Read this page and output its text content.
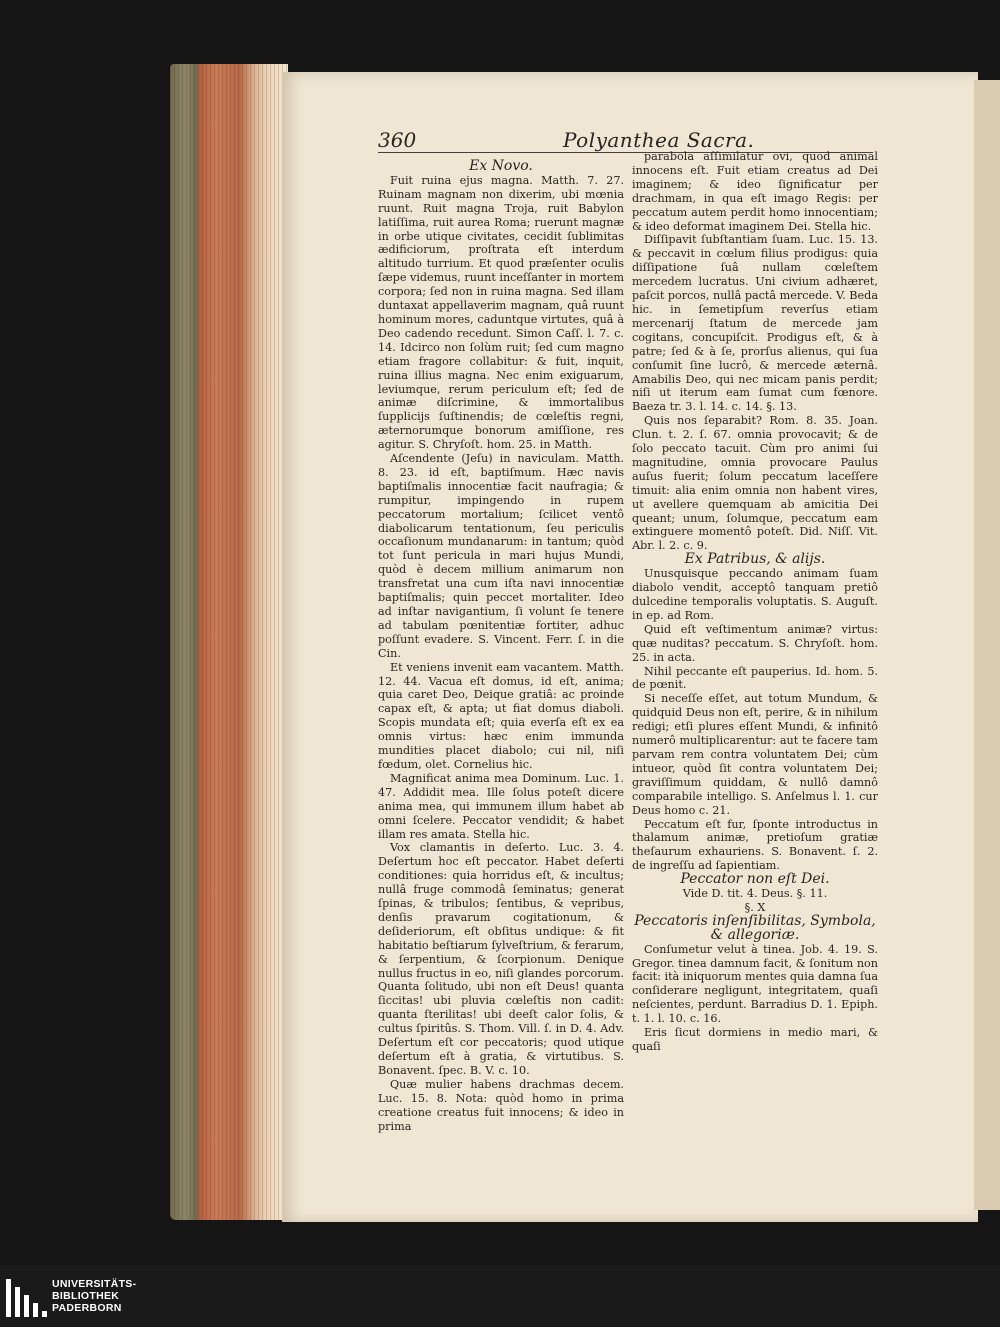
360	Polyanthea Sacra.

Ex Novo.

Fuit ruina ejus magna. Matth. 7. 27. Ruinam magnam non dixerim, ubi mœnia ruunt. Ruit magna Troja, ruit Babylon latiſſima, ruit aurea Roma; ruerunt magnæ in orbe utique civitates, cecidit ſublimitas ædificiorum, proſtrata eſt interdum altitudo turrium. Et quod præſenter oculis ſæpe videmus, ruunt inceſſanter in mortem corpora; ſed non in ruina magna. Sed illam duntaxat appellaverim magnam, quâ ruunt hominum mores, caduntque virtutes, quâ à Deo cadendo recedunt. Simon Caſſ. l. 7. c. 14. Idcirco non ſolùm ruit; ſed cum magno etiam fragore collabitur: & fuit, inquit, ruina illius magna. Nec enim exiguarum, leviumque, rerum periculum eſt; ſed de animæ diſcrimine, & immortalibus ſupplicijs ſuſtinendis; de cœleſtis regni, æternorumque bonorum amiſſione, res agitur. S. Chryſoſt. hom. 25. in Matth.

Aſcendente (Jeſu) in naviculam. Matth. 8. 23. id eſt, baptiſmum. Hæc navis baptiſmalis innocentiæ facit naufragia; & rumpitur, impingendo in rupem peccatorum mortalium; ſcilicet ventô diabolicarum tentationum, ſeu periculis occaſionum mundanarum: in tantum; quòd tot ſunt pericula in mari hujus Mundi, quòd è decem millium animarum non transfretat una cum iſta navi innocentiæ baptiſmalis; quin peccet mortaliter. Ideo ad inſtar navigantium, ſi volunt ſe tenere ad tabulam pœnitentiæ fortiter, adhuc poſſunt evadere. S. Vincent. Ferr. ſ. in die Cin.

Et veniens invenit eam vacantem. Matth. 12. 44. Vacua eſt domus, id eſt, anima; quia caret Deo, Deique gratiâ: ac proinde capax eſt, & apta; ut fiat domus diaboli. Scopis mundata eſt; quia everſa eſt ex ea omnis virtus: hæc enim immunda mundities placet diabolo; cui nil, niſi fœdum, olet. Cornelius hic.

Magnificat anima mea Dominum. Luc. 1. 47. Addidit mea. Ille ſolus poteſt dicere anima mea, qui immunem illum habet ab omni ſcelere. Peccator vendidit; & habet illam res amata. Stella hic.

Vox clamantis in deſerto. Luc. 3. 4. Deſertum hoc eſt peccator. Habet deſerti conditiones: quia horridus eſt, & incultus; nullâ fruge commodâ ſeminatus; generat ſpinas, & tribulos; ſentibus, & vepribus, denſis pravarum cogitationum, & deſideriorum, eſt obſitus undique: & fit habitatio beſtiarum ſylveſtrium, & ferarum, & ſerpentium, & ſcorpionum. Denique nullus fructus in eo, niſi glandes porcorum. Quanta ſolitudo, ubi non eſt Deus! quanta ſiccitas! ubi pluvia cœleſtis non cadit: quanta ſterilitas! ubi deeſt calor ſolis, & cultus ſpiritûs. S. Thom. Vill. ſ. in D. 4. Adv. Deſertum eſt cor peccatoris; quod utique deſertum eſt à gratia, & virtutibus. S. Bonavent. ſpec. B. V. c. 10.

Quæ mulier habens drachmas decem. Luc. 15. 8. Nota: quòd homo in prima creatione creatus fuit innocens; & ideo in prima

parabola aſſimilatur ovi, quod animal innocens eſt. Fuit etiam creatus ad Dei imaginem; & ideo ſignificatur per drachmam, in qua eſt imago Regis: per peccatum autem perdit homo innocentiam; & ideo deformat imaginem Dei. Stella hic.

Diſſipavit ſubſtantiam ſuam. Luc. 15. 13. & peccavit in cœlum filius prodigus: quia diſſipatione ſuâ nullam cœleſtem mercedem lucratus. Uni civium adhæret, paſcit porcos, nullâ pactâ mercede. V. Beda hic. in ſemetipſum reverſus etiam mercenarij ſtatum de mercede jam cogitans, concupiſcit. Prodigus eſt, & à patre; ſed & à ſe, prorſus alienus, qui ſua conſumit ſine lucrô, & mercede æternâ. Amabilis Deo, qui nec micam panis perdit; niſi ut iterum eam ſumat cum fœnore. Baeza tr. 3. l. 14. c. 14. §. 13.

Quis nos ſeparabit? Rom. 8. 35. Joan. Clun. t. 2. ſ. 67. omnia provocavit; & de ſolo peccato tacuit. Cùm pro animi ſui magnitudine, omnia provocare Paulus auſus fuerit; ſolum peccatum laceſſere timuit: alia enim omnia non habent vires, ut avellere quemquam ab amicitia Dei queant; unum, ſolumque, peccatum eam extinguere momentô poteſt. Did. Niſſ. Vit. Abr. l. 2. c. 9.

Ex Patribus, & alijs.

Unusquisque peccando animam ſuam diabolo vendit, acceptô tanquam pretiô dulcedine temporalis voluptatis. S. Auguſt. in ep. ad Rom.

Quid eſt veſtimentum animæ? virtus: quæ nuditas? peccatum. S. Chryſoſt. hom. 25. in acta.

Nihil peccante eſt pauperius. Id. hom. 5. de pœnit.

Si neceſſe eſſet, aut totum Mundum, & quidquid Deus non eſt, perire, & in nihilum redigi; etſi plures eſſent Mundi, & infinitô numerô multiplicarentur: aut te facere tam parvam rem contra voluntatem Dei; cùm intueor, quòd ſit contra voluntatem Dei; graviſſimum quiddam, & nullô damnô comparabile intelligo. S. Anſelmus l. 1. cur Deus homo c. 21.

Peccatum eſt fur, ſponte introductus in thalamum animæ, pretioſum gratiæ theſaurum exhauriens. S. Bonavent. ſ. 2. de ingreſſu ad ſapientiam.

Peccator non eſt Dei.

Vide D. tit. 4. Deus. §. 11.

§. X

Peccatoris inſenſibilitas, Symbola, & allegoriæ.

Conſumetur velut à tinea. Job. 4. 19. S. Gregor. tinea damnum facit, & ſonitum non facit: ità iniquorum mentes quia damna ſua conſiderare negligunt, integritatem, quaſi neſcientes, perdunt. Barradius D. 1. Epiph. t. 1. l. 10. c. 16.

Eris ſicut dormiens in medio mari, & quaſi

UNIVERSITÄTS-
BIBLIOTHEK
PADERBORN
